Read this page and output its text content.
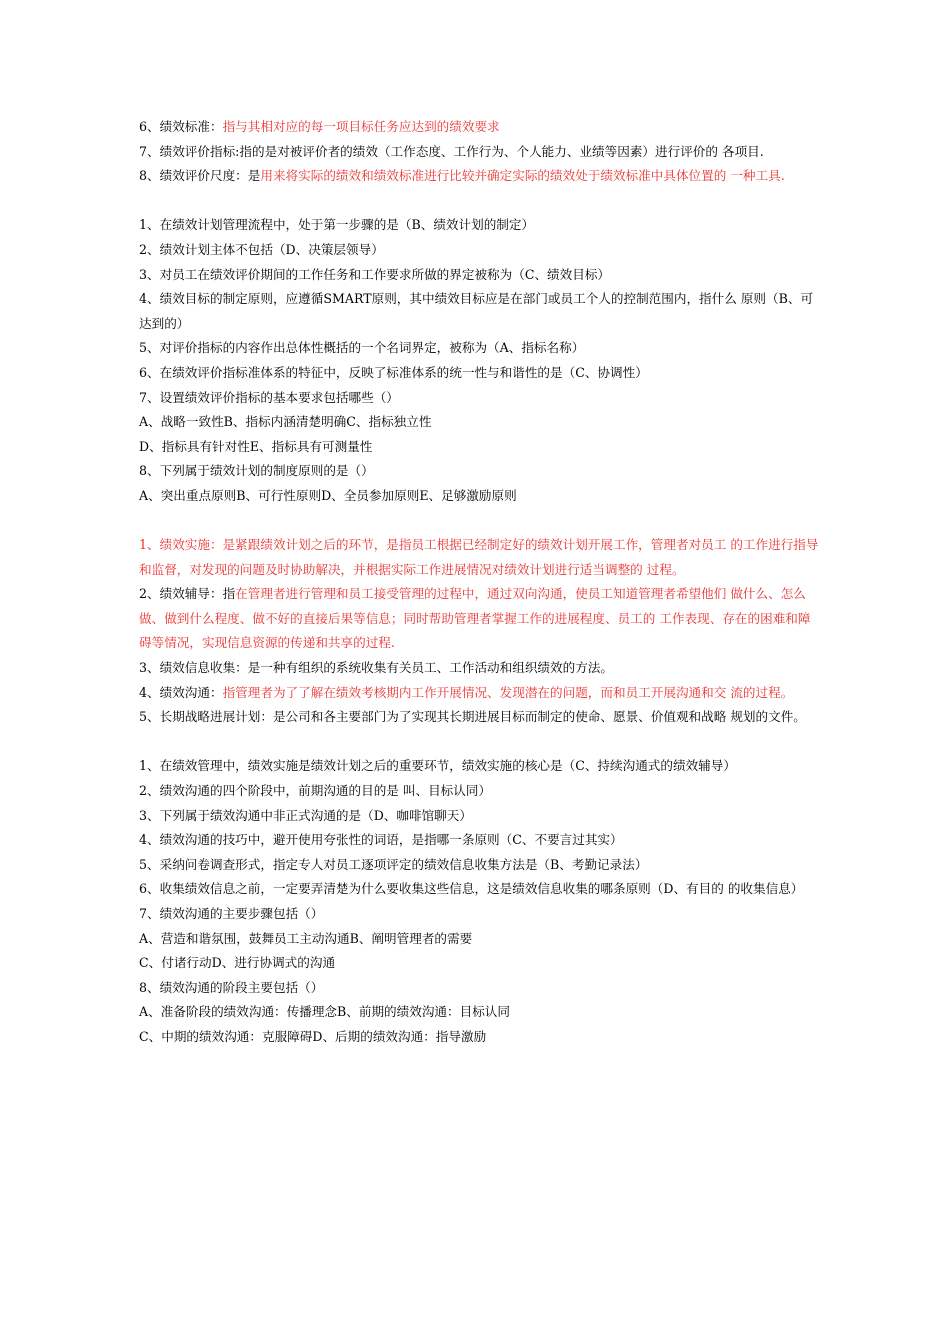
6、绩效标准：指与其相对应的每一项目标任务应达到的绩效要求
7、绩效评价指标:指的是对被评价者的绩效（工作态度、工作行为、个人能力、业绩等因素）进行评价的 各项目.
8、绩效评价尺度：是用来将实际的绩效和绩效标准进行比较并确定实际的绩效处于绩效标准中具体位置的 一种工具.
1、在绩效计划管理流程中，处于第一步骤的是（B、绩效计划的制定）
2、绩效计划主体不包括（D、决策层领导）
3、对员工在绩效评价期间的工作任务和工作要求所做的界定被称为（C、绩效目标）
4、绩效目标的制定原则，应遵循SMART原则，其中绩效目标应是在部门或员工个人的控制范围内，指什么 原则（B、可达到的）
5、对评价指标的内容作出总体性概括的一个名词界定，被称为（A、指标名称）
6、在绩效评价指标准体系的特征中，反映了标准体系的统一性与和谐性的是（C、协调性）
7、设置绩效评价指标的基本要求包括哪些（）
A、战略一致性B、指标内涵清楚明确C、指标独立性
D、指标具有针对性E、指标具有可测量性
8、下列属于绩效计划的制度原则的是（）
A、突出重点原则B、可行性原则D、全员参加原则E、足够激励原则
1、绩效实施：是紧跟绩效计划之后的环节，是指员工根据已经制定好的绩效计划开展工作，管理者对员工 的工作进行指导和监督，对发现的问题及时协助解决，并根据实际工作进展情况对绩效计划进行适当调整的 过程。
2、绩效辅导：指在管理者进行管理和员工接受管理的过程中，通过双向沟通，使员工知道管理者希望他们 做什么、怎么做、做到什么程度、做不好的直接后果等信息；同时帮助管理者掌握工作的进展程度、员工的 工作表现、存在的困难和障碍等情况，实现信息资源的传递和共享的过程.
3、绩效信息收集：是一种有组织的系统收集有关员工、工作活动和组织绩效的方法。
4、绩效沟通：指管理者为了了解在绩效考核期内工作开展情况、发现潜在的问题，而和员工开展沟通和交 流的过程。
5、长期战略进展计划：是公司和各主要部门为了实现其长期进展目标而制定的使命、愿景、价值观和战略 规划的文件。
1、在绩效管理中，绩效实施是绩效计划之后的重要环节，绩效实施的核心是（C、持续沟通式的绩效辅导）
2、绩效沟通的四个阶段中，前期沟通的目的是 叫、目标认同）
3、下列属于绩效沟通中非正式沟通的是（D、咖啡馆聊天）
4、绩效沟通的技巧中，避开使用夸张性的词语，是指哪一条原则（C、不要言过其实）
5、采纳问卷调查形式，指定专人对员工逐项评定的绩效信息收集方法是（B、考勤记录法）
6、收集绩效信息之前，一定要弄清楚为什么要收集这些信息，这是绩效信息收集的哪条原则（D、有目的 的收集信息）
7、绩效沟通的主要步骤包括（）
A、营造和谐氛围，鼓舞员工主动沟通B、阐明管理者的需要
C、付诸行动D、进行协调式的沟通
8、绩效沟通的阶段主要包括（）
A、准备阶段的绩效沟通：传播理念B、前期的绩效沟通：目标认同
C、中期的绩效沟通：克服障碍D、后期的绩效沟通：指导激励
